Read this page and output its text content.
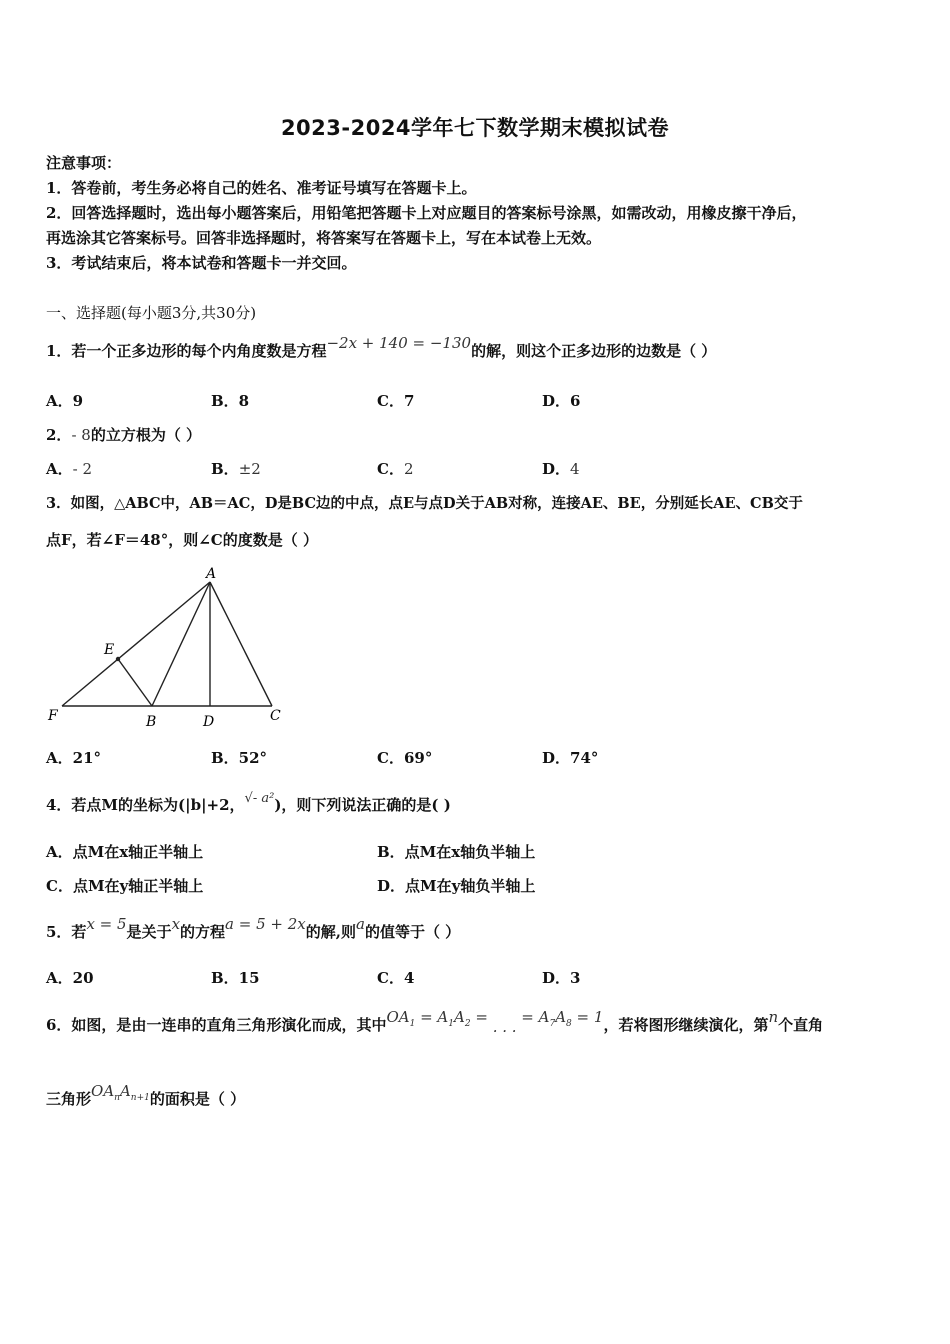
2023-2024学年七下数学期末模拟试卷
注意事项：
1．答卷前，考生务必将自己的姓名、准考证号填写在答题卡上。
2．回答选择题时，选出每小题答案后，用铅笔把答题卡上对应题目的答案标号涂黑，如需改动，用橡皮擦干净后，
再选涂其它答案标号。回答非选择题时，将答案写在答题卡上，写在本试卷上无效。
3．考试结束后，将本试卷和答题卡一并交回。
一、选择题(每小题3分,共30分)
1．若一个正多边形的每个内角度数是方程−2x + 140 = −130的解，则这个正多边形的边数是（ ）
A．9	B．8	C．7	D．6
2．- 8的立方根为（ ）
A．- 2	B．±2	C．2	D．4
3．如图，△ABC中，AB＝AC，D是BC边的中点，点E与点D关于AB对称，连接AE、BE，分别延长AE、CB交于
点F，若∠F＝48°，则∠C的度数是（ ）
A
E
F	B	D	C
A．21°	B．52°	C．69°	D．74°
4．若点M的坐标为(|b|+2，√- a²)，则下列说法正确的是( )
A．点M在x轴正半轴上	B．点M在x轴负半轴上
C．点M在y轴正半轴上	D．点M在y轴负半轴上
5．若x = 5是关于x的方程a = 5 + 2x的解,则a的值等于（ ）
A．20	B．15	C．4	D．3
6．如图，是由一连串的直角三角形演化而成，其中$OA_1 = A_1A_2$ = . . . = $A_7A_8 = 1$，若将图形继续演化，第n个直角
三角形$OA_nA_{n+1}$的面积是（ ）
